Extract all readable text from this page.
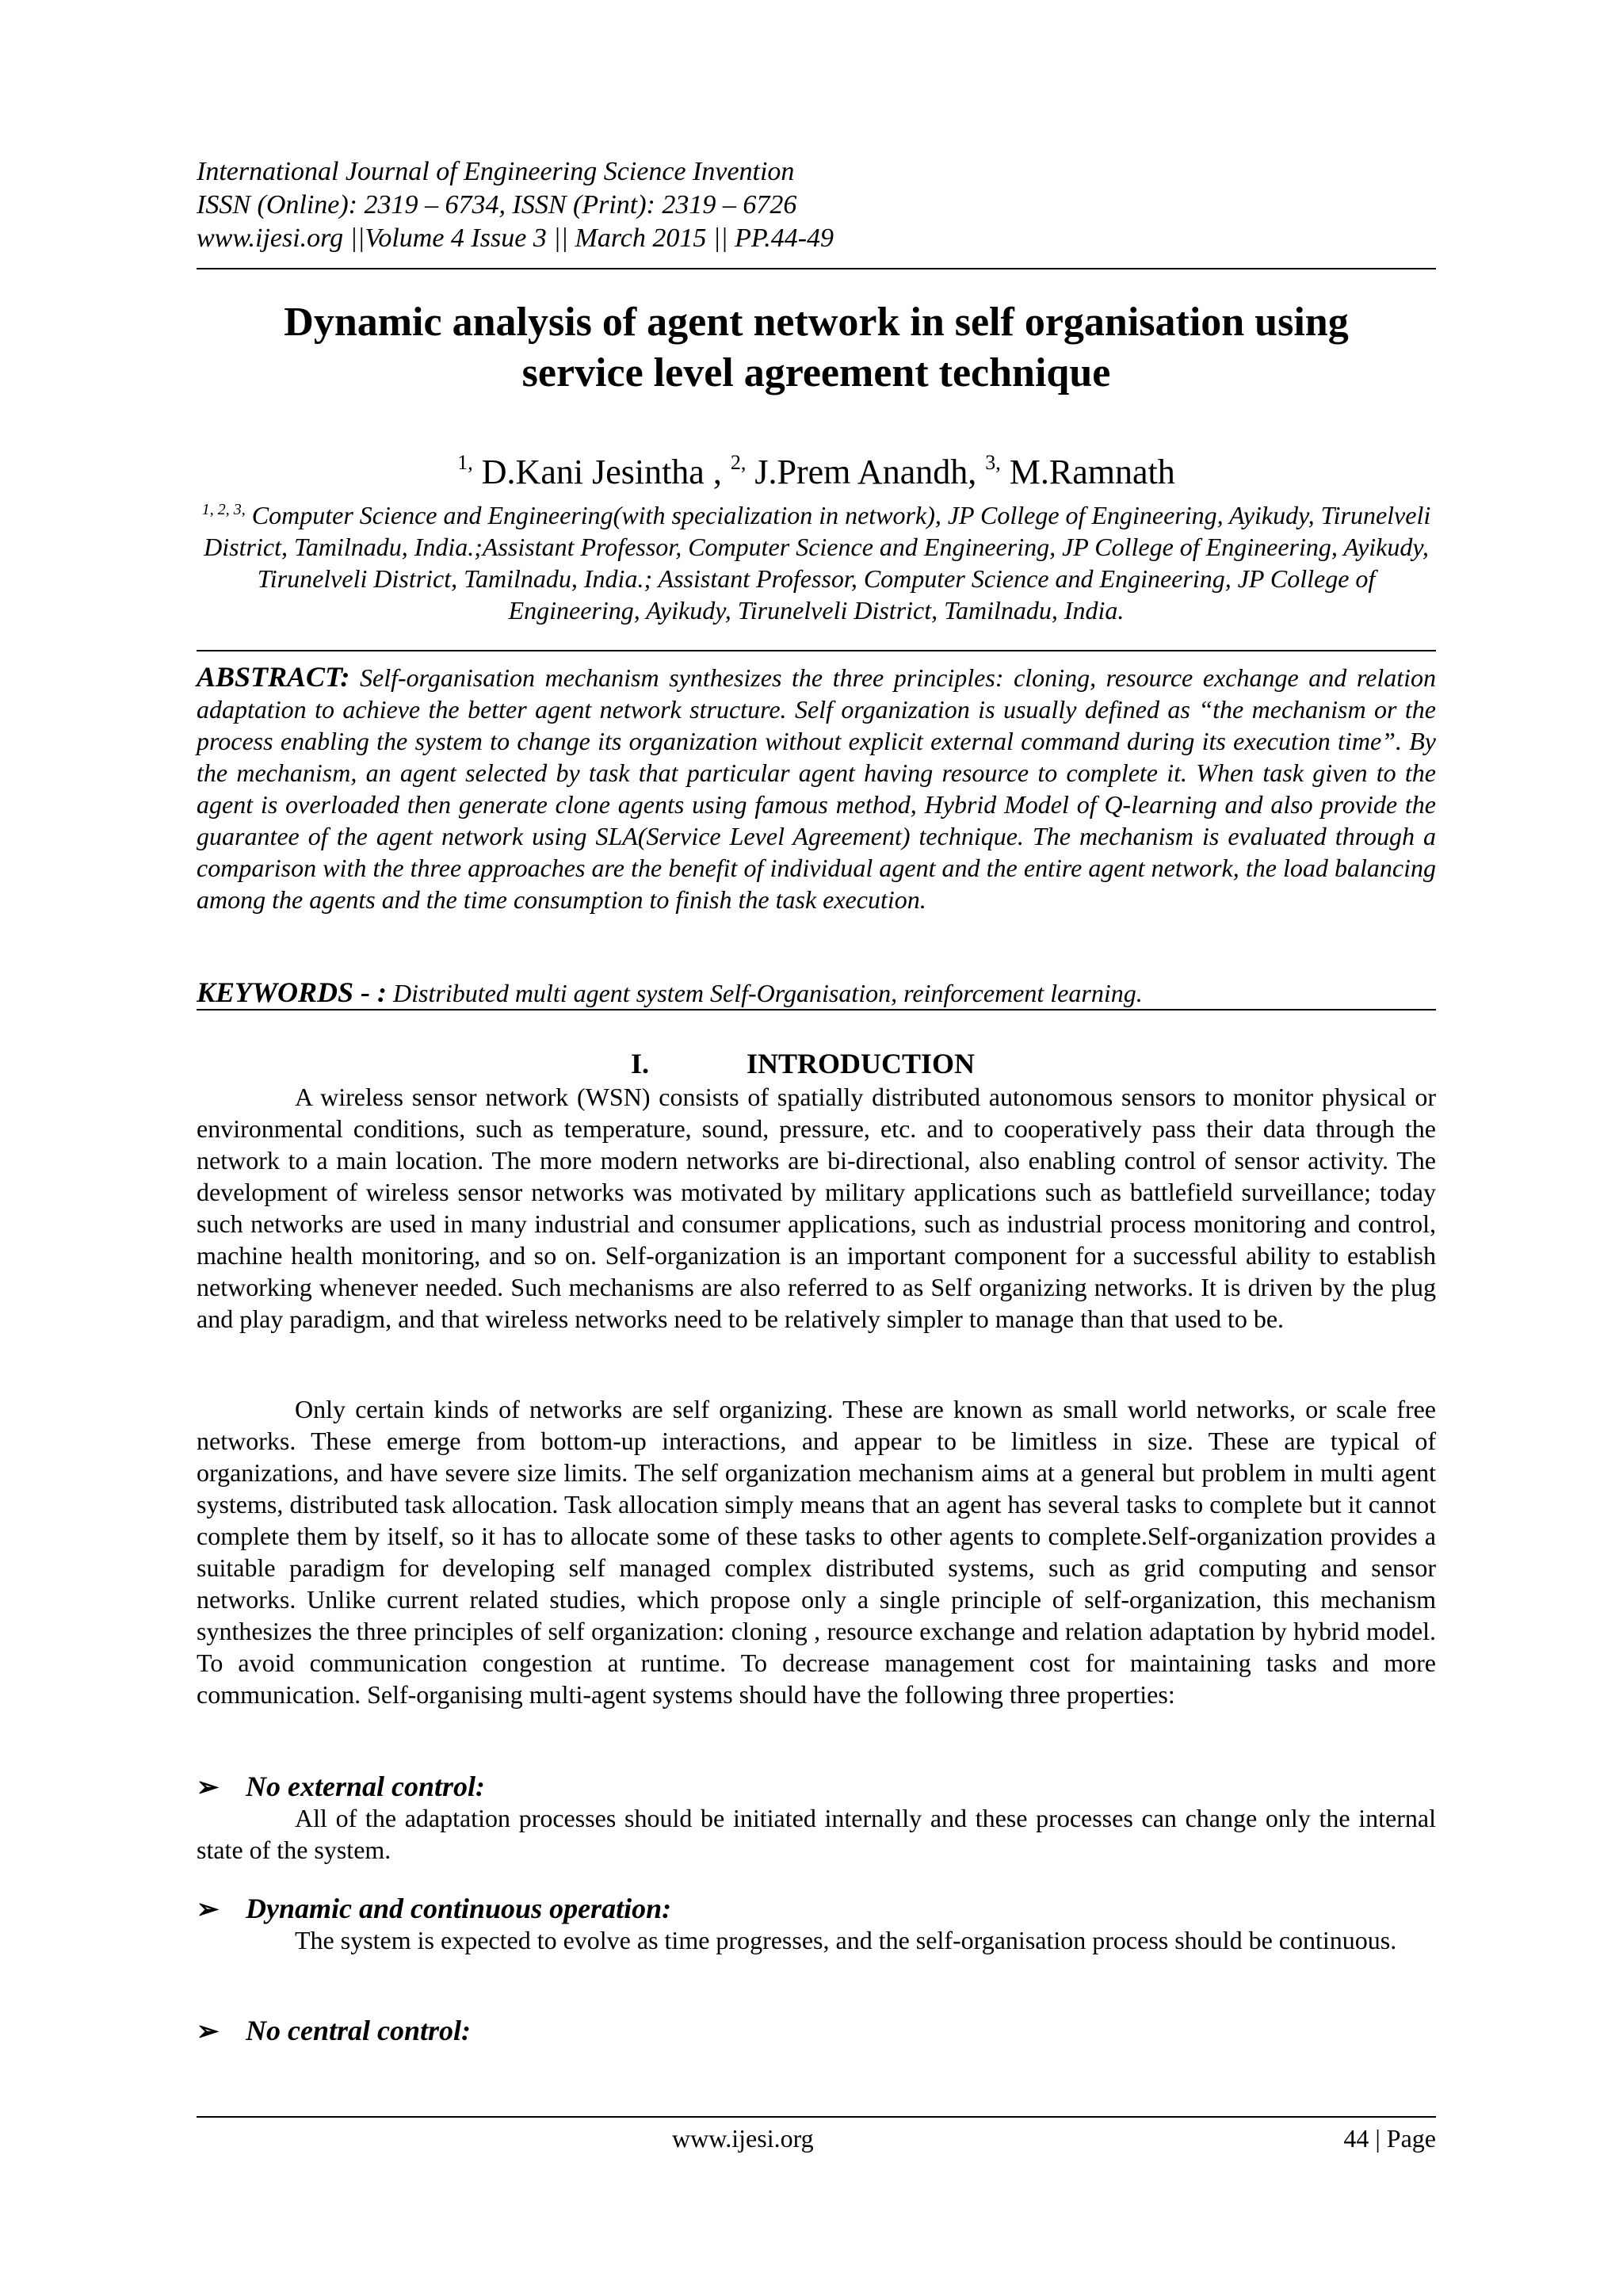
International Journal of Engineering Science Invention
ISSN (Online): 2319 – 6734, ISSN (Print): 2319 – 6726
www.ijesi.org ||Volume 4 Issue 3 || March 2015 || PP.44-49
Dynamic analysis of agent network in self organisation using
service level agreement technique
$^{1,}$ D.Kani Jesintha , $^{2,}$ J.Prem Anandh, $^{3,}$ M.Ramnath
$^{1, 2, 3,}$ Computer Science and Engineering(with specialization in network), JP College of Engineering, Ayikudy, Tirunelveli District, Tamilnadu, India.;Assistant Professor, Computer Science and Engineering, JP College of Engineering, Ayikudy, Tirunelveli District, Tamilnadu, India.; Assistant Professor, Computer Science and Engineering, JP College of Engineering, Ayikudy, Tirunelveli District, Tamilnadu, India.
ABSTRACT: Self-organisation mechanism synthesizes the three principles: cloning, resource exchange and relation adaptation to achieve the better agent network structure. Self organization is usually defined as “the mechanism or the process enabling the system to change its organization without explicit external command during its execution time”. By the mechanism, an agent selected by task that particular agent having resource to complete it. When task given to the agent is overloaded then generate clone agents using famous method, Hybrid Model of Q-learning and also provide the guarantee of the agent network using SLA(Service Level Agreement) technique. The mechanism is evaluated through a comparison with the three approaches are the benefit of individual agent and the entire agent network, the load balancing among the agents and the time consumption to finish the task execution.
KEYWORDS - : Distributed multi agent system Self-Organisation, reinforcement learning.
I.	INTRODUCTION
A wireless sensor network (WSN) consists of spatially distributed autonomous sensors to monitor physical or environmental conditions, such as temperature, sound, pressure, etc. and to cooperatively pass their data through the network to a main location. The more modern networks are bi-directional, also enabling control of sensor activity. The development of wireless sensor networks was motivated by military applications such as battlefield surveillance; today such networks are used in many industrial and consumer applications, such as industrial process monitoring and control, machine health monitoring, and so on. Self-organization is an important component for a successful ability to establish networking whenever needed. Such mechanisms are also referred to as Self organizing networks. It is driven by the plug and play paradigm, and that wireless networks need to be relatively simpler to manage than that used to be.
Only certain kinds of networks are self organizing. These are known as small world networks, or scale free networks. These emerge from bottom-up interactions, and appear to be limitless in size. These are typical of organizations, and have severe size limits. The self organization mechanism aims at a general but problem in multi agent systems, distributed task allocation. Task allocation simply means that an agent has several tasks to complete but it cannot complete them by itself, so it has to allocate some of these tasks to other agents to complete.Self-organization provides a suitable paradigm for developing self managed complex distributed systems, such as grid computing and sensor networks. Unlike current related studies, which propose only a single principle of self-organization, this mechanism synthesizes the three principles of self organization: cloning , resource exchange and relation adaptation by hybrid model. To avoid communication congestion at runtime. To decrease management cost for maintaining tasks and more communication. Self-organising multi-agent systems should have the following three properties:
➢ No external control:
All of the adaptation processes should be initiated internally and these processes can change only the internal state of the system.
➢ Dynamic and continuous operation:
The system is expected to evolve as time progresses, and the self-organisation process should be continuous.
➢ No central control:
www.ijesi.org	44 | Page
